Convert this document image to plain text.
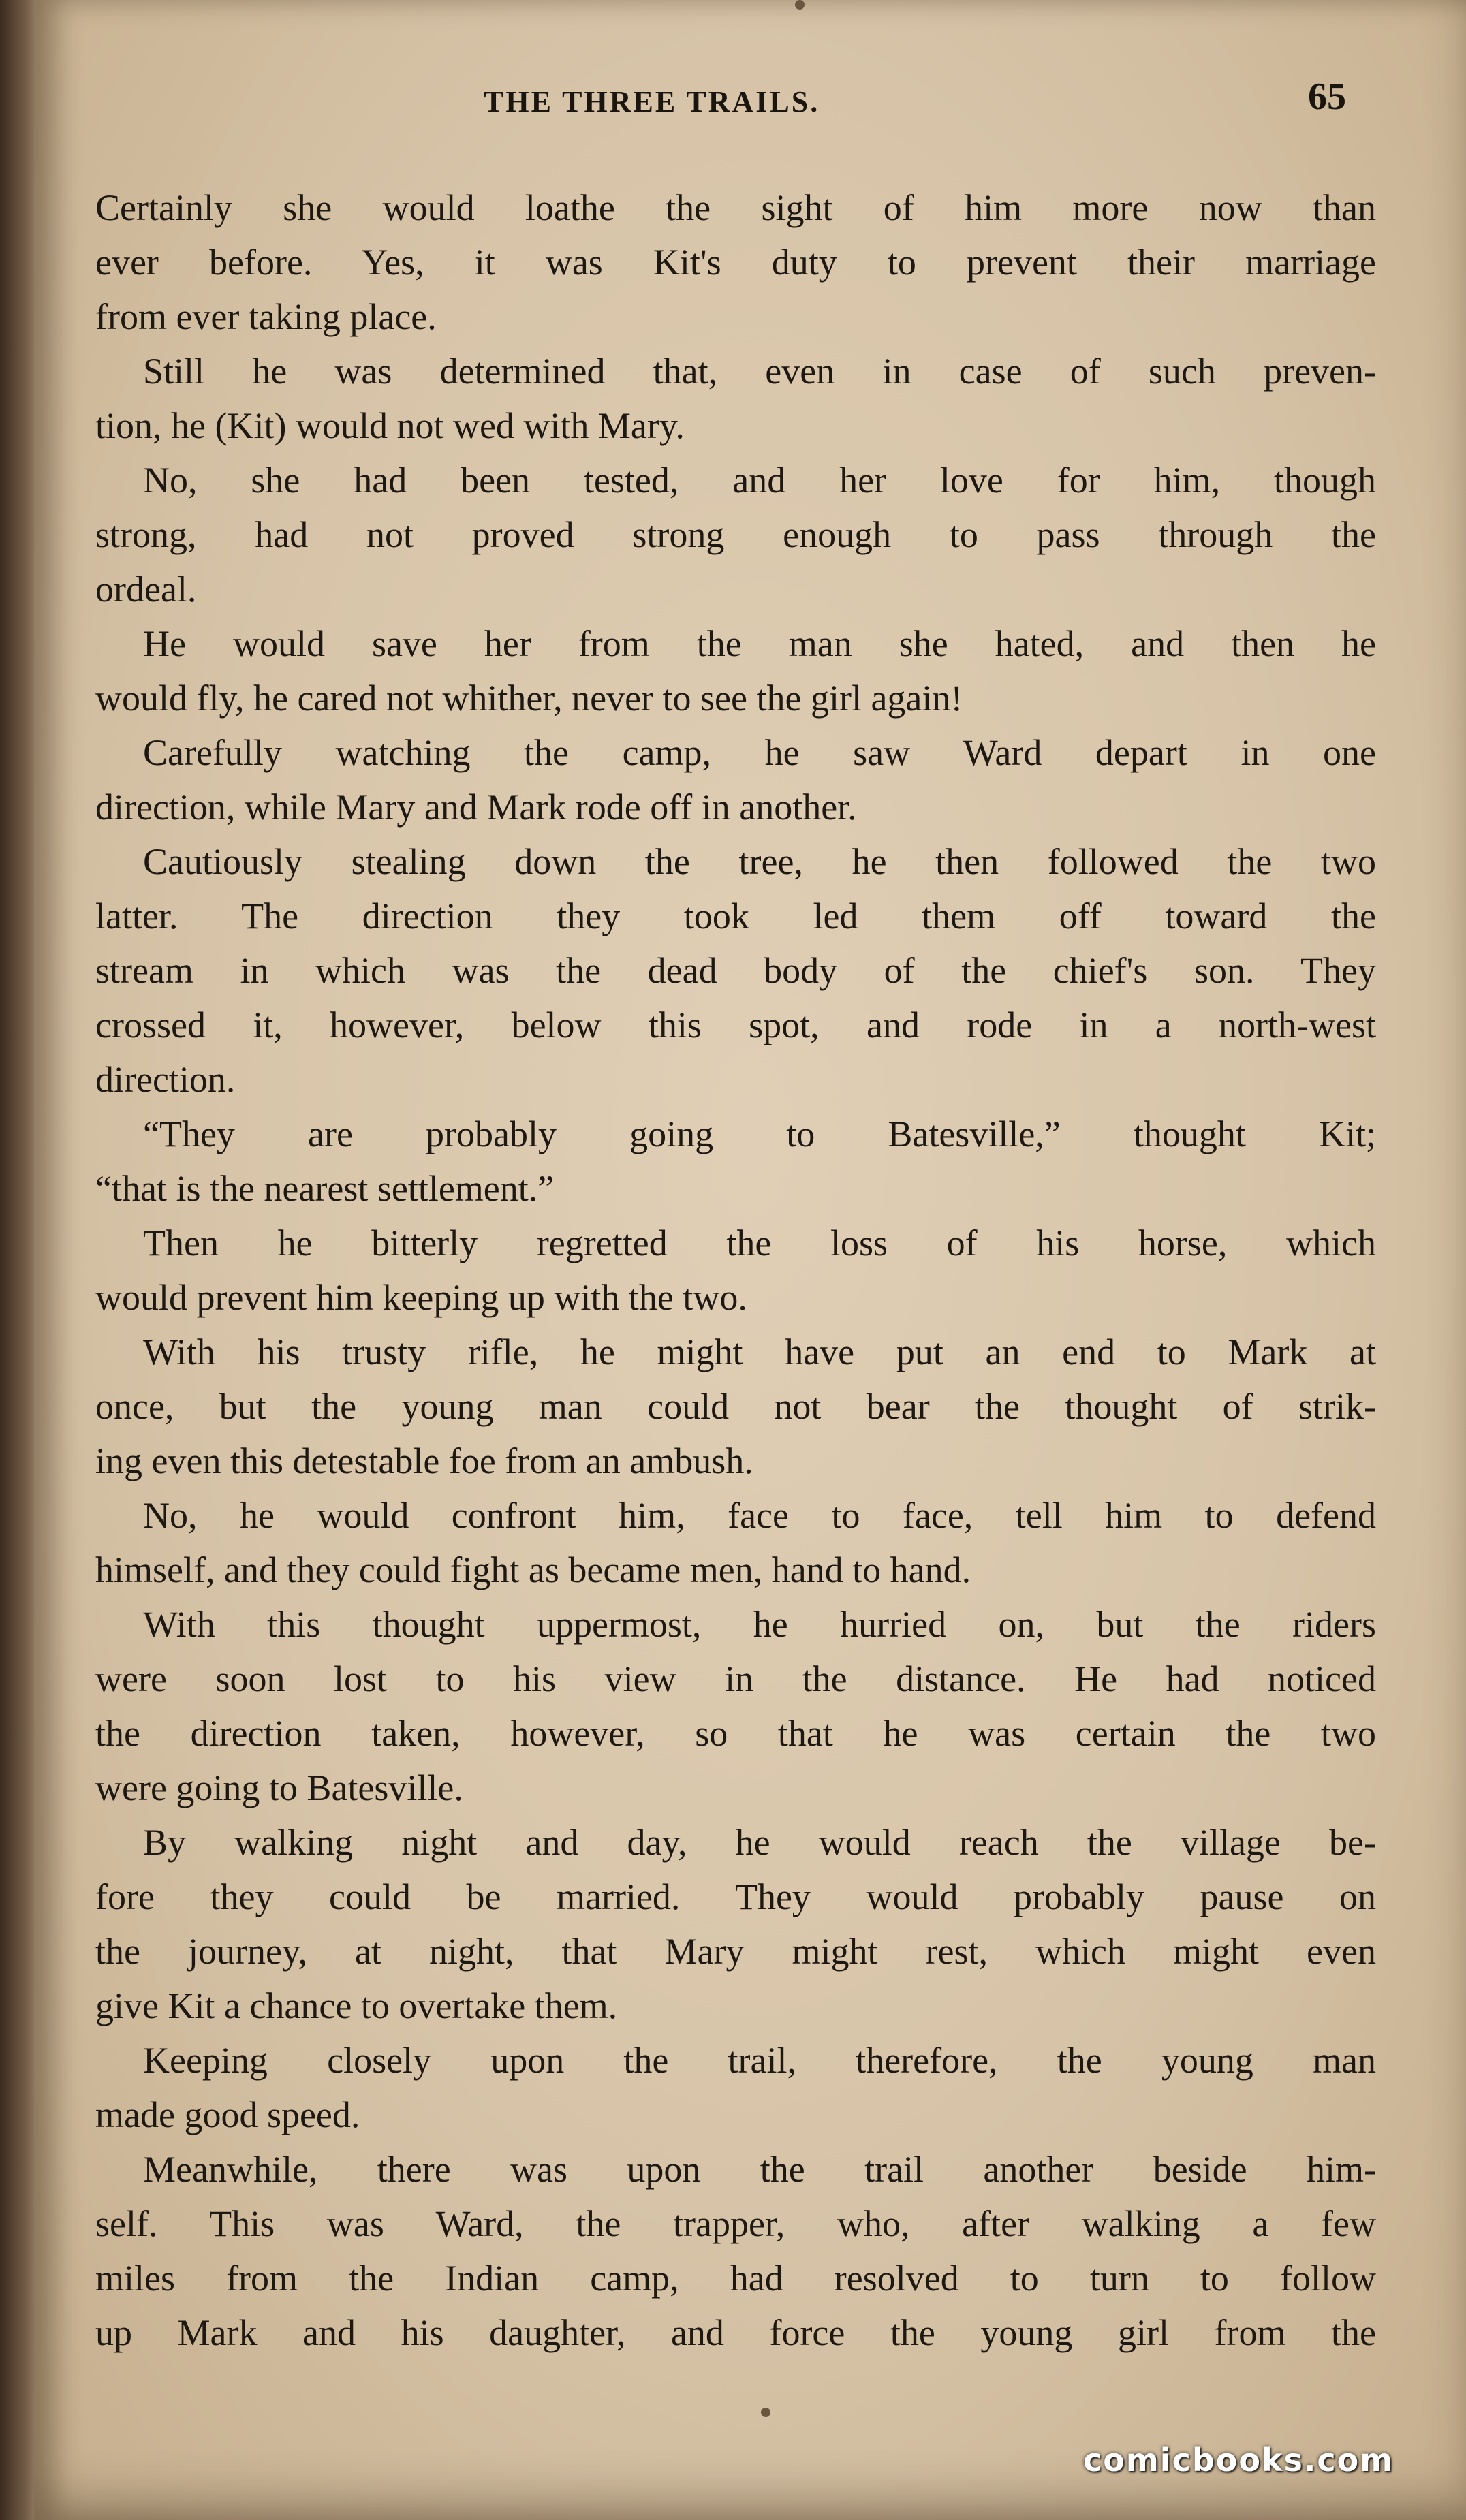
THE THREE TRAILS.	65
Certainly she would loathe the sight of him more now than
ever before. Yes, it was Kit's duty to prevent their marriage
from ever taking place.
Still he was determined that, even in case of such preven-
tion, he (Kit) would not wed with Mary.
No, she had been tested, and her love for him, though
strong, had not proved strong enough to pass through the
ordeal.
He would save her from the man she hated, and then he
would fly, he cared not whither, never to see the girl again!
Carefully watching the camp, he saw Ward depart in one
direction, while Mary and Mark rode off in another.
Cautiously stealing down the tree, he then followed the two
latter. The direction they took led them off toward the
stream in which was the dead body of the chief's son. They
crossed it, however, below this spot, and rode in a north-west
direction.
“They are probably going to Batesville,” thought Kit;
“that is the nearest settlement.”
Then he bitterly regretted the loss of his horse, which
would prevent him keeping up with the two.
With his trusty rifle, he might have put an end to Mark at
once, but the young man could not bear the thought of strik-
ing even this detestable foe from an ambush.
No, he would confront him, face to face, tell him to defend
himself, and they could fight as became men, hand to hand.
With this thought uppermost, he hurried on, but the riders
were soon lost to his view in the distance. He had noticed
the direction taken, however, so that he was certain the two
were going to Batesville.
By walking night and day, he would reach the village be-
fore they could be married. They would probably pause on
the journey, at night, that Mary might rest, which might even
give Kit a chance to overtake them.
Keeping closely upon the trail, therefore, the young man
made good speed.
Meanwhile, there was upon the trail another beside him-
self. This was Ward, the trapper, who, after walking a few
miles from the Indian camp, had resolved to turn to follow
up Mark and his daughter, and force the young girl from the
comicbooks.com
